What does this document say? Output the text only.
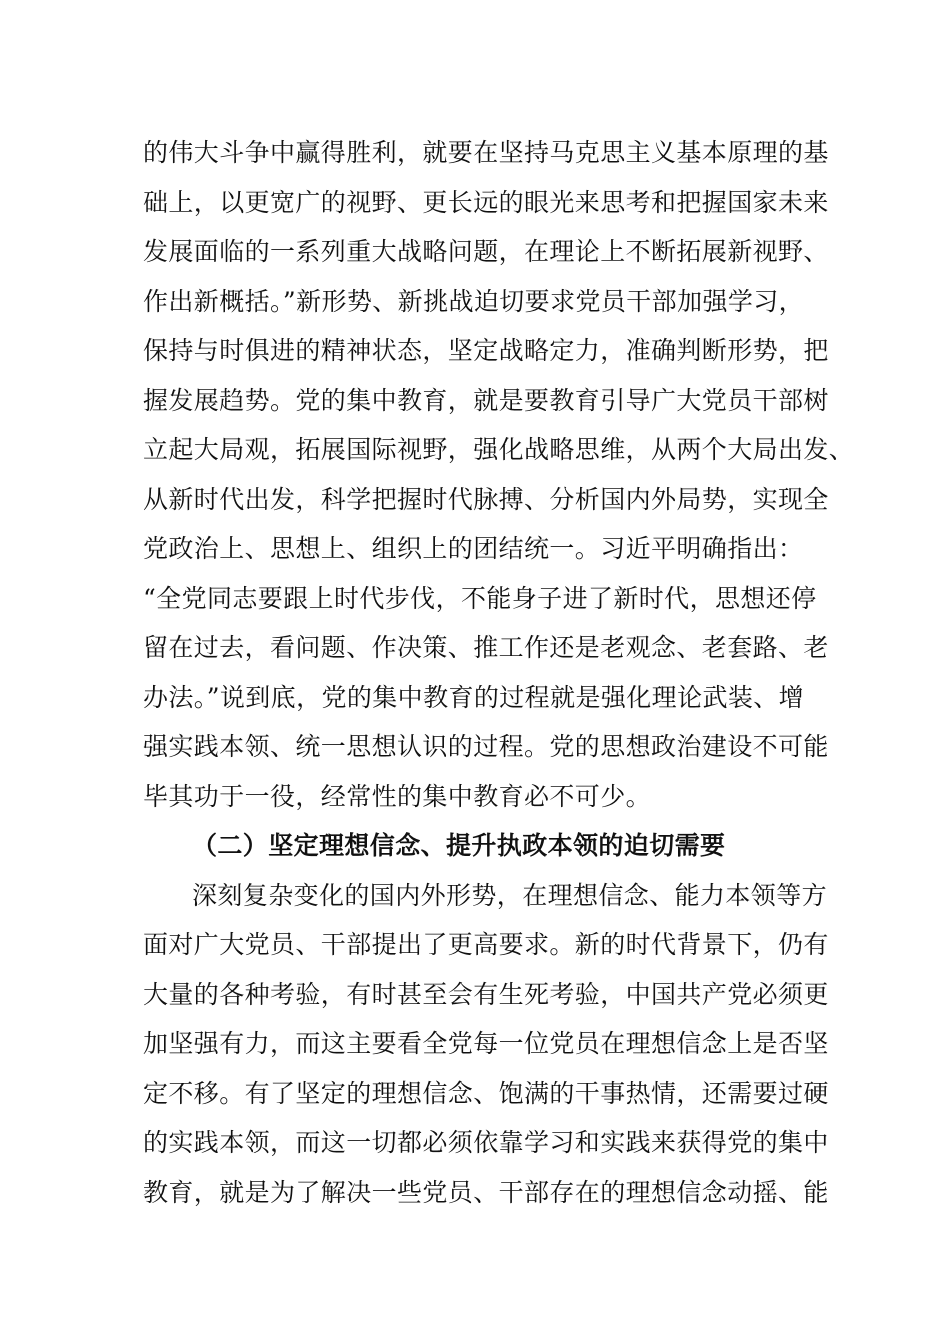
的伟大斗争中赢得胜利，就要在坚持马克思主义基本原理的基
础上，以更宽广的视野、更长远的眼光来思考和把握国家未来
发展面临的一系列重大战略问题，在理论上不断拓展新视野、
作出新概括。”新形势、新挑战迫切要求党员干部加强学习，
保持与时俱进的精神状态，坚定战略定力，准确判断形势，把
握发展趋势。党的集中教育，就是要教育引导广大党员干部树
立起大局观，拓展国际视野，强化战略思维，从两个大局出发、
从新时代出发，科学把握时代脉搏、分析国内外局势，实现全
党政治上、思想上、组织上的团结统一。习近平明确指出：
“全党同志要跟上时代步伐，不能身子进了新时代，思想还停
留在过去，看问题、作决策、推工作还是老观念、老套路、老
办法。”说到底，党的集中教育的过程就是强化理论武装、增
强实践本领、统一思想认识的过程。党的思想政治建设不可能
毕其功于一役，经常性的集中教育必不可少。
（二）坚定理想信念、提升执政本领的迫切需要
深刻复杂变化的国内外形势，在理想信念、能力本领等方
面对广大党员、干部提出了更高要求。新的时代背景下，仍有
大量的各种考验，有时甚至会有生死考验，中国共产党必须更
加坚强有力，而这主要看全党每一位党员在理想信念上是否坚
定不移。有了坚定的理想信念、饱满的干事热情，还需要过硬
的实践本领，而这一切都必须依靠学习和实践来获得党的集中
教育，就是为了解决一些党员、干部存在的理想信念动摇、能
